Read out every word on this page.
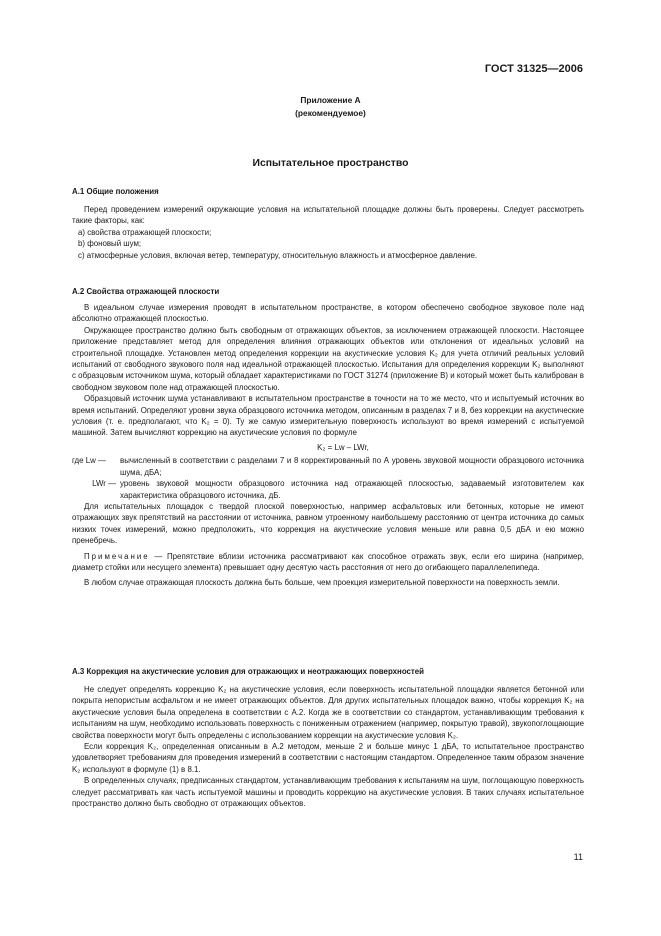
ГОСТ 31325—2006
Приложение А
(рекомендуемое)
Испытательное пространство
А.1 Общие положения

Перед проведением измерений окружающие условия на испытательной площадке должны быть проверены. Следует рассмотреть такие факторы, как:

а) свойства отражающей плоскости;

b) фоновый шум;

с) атмосферные условия, включая ветер, температуру, относительную влажность и атмосферное давление.

А.2 Свойства отражающей плоскости

В идеальном случае измерения проводят в испытательном пространстве, в котором обеспечено свободное звуковое поле над абсолютно отражающей плоскостью.

Окружающее пространство должно быть свободным от отражающих объектов, за исключением отражающей плоскости. Настоящее приложение представляет метод для определения влияния отражающих объектов или отклонения от идеальных условий на строительной площадке. Установлен метод определения коррекции на акустические условия K₂ для учета отличий реальных условий испытаний от свободного звукового поля над идеальной отражающей плоскостью. Испытания для определения коррекции K₂ выполняют с образцовым источником шума, который обладает характеристиками по ГОСТ 31274 (приложение В) и который может быть калиброван в свободном звуковом поле над отражающей плоскостью.

Образцовый источник шума устанавливают в испытательном пространстве в точности на то же место, что и испытуемый источник во время испытаний. Определяют уровни звука образцового источника методом, описанным в разделах 7 и 8, без коррекции на акустические условия (т. е. предполагают, что K₂ = 0). Ту же самую измерительную поверхность используют во время измерений с испытуемой машиной. Затем вычисляют коррекцию на акустические условия по формуле

K₂ = Lw – LWr,

где Lw —	вычисленный в соответствии с разделами 7 и 8 корректированный по А уровень звуковой мощности образцового источника шума, дБА;
LWr — уровень звуковой мощности образцового источника над отражающей плоскостью, задаваемый изготовителем как характеристика образцового источника, дБ.

Для испытательных площадок с твердой плоской поверхностью, например асфальтовых или бетонных, которые не имеют отражающих звук препятствий на расстоянии от источника, равном утроенному наибольшему расстоянию от центра источника до самых низких точек измерений, можно предположить, что коррекция на акустические условия меньше или равна 0,5 дБА и ею можно пренебречь.

Примечание — Препятствие вблизи источника рассматривают как способное отражать звук, если его ширина (например, диаметр стойки или несущего элемента) превышает одну десятую часть расстояния от него до огибающего параллелепипеда.

В любом случае отражающая плоскость должна быть больше, чем проекция измерительной поверхности на поверхность земли.

А.3 Коррекция на акустические условия для отражающих и неотражающих поверхностей

Не следует определять коррекцию K₂ на акустические условия, если поверхность испытательной площадки является бетонной или покрыта непористым асфальтом и не имеет отражающих объектов. Для других испытательных площадок важно, чтобы коррекция K₂ на акустические условия была определена в соответствии с А.2. Когда же в соответствии со стандартом, устанавливающим требования к испытаниям на шум, необходимо использовать поверхность с пониженным отражением (например, покрытую травой), звукопоглощающие свойства поверхности могут быть определены с использованием коррекции на акустические условия K₂.

Если коррекция K₂, определенная описанным в А.2 методом, меньше 2 и больше минус 1 дБА, то испытательное пространство удовлетворяет требованиям для проведения измерений в соответствии с настоящим стандартом. Определенное таким образом значение K₂ используют в формуле (1) в 8.1.

В определенных случаях, предписанных стандартом, устанавливающим требования к испытаниям на шум, поглощающую поверхность следует рассматривать как часть испытуемой машины и проводить коррекцию на акустические условия. В таких случаях испытательное пространство должно быть свободно от отражающих объектов.

11
